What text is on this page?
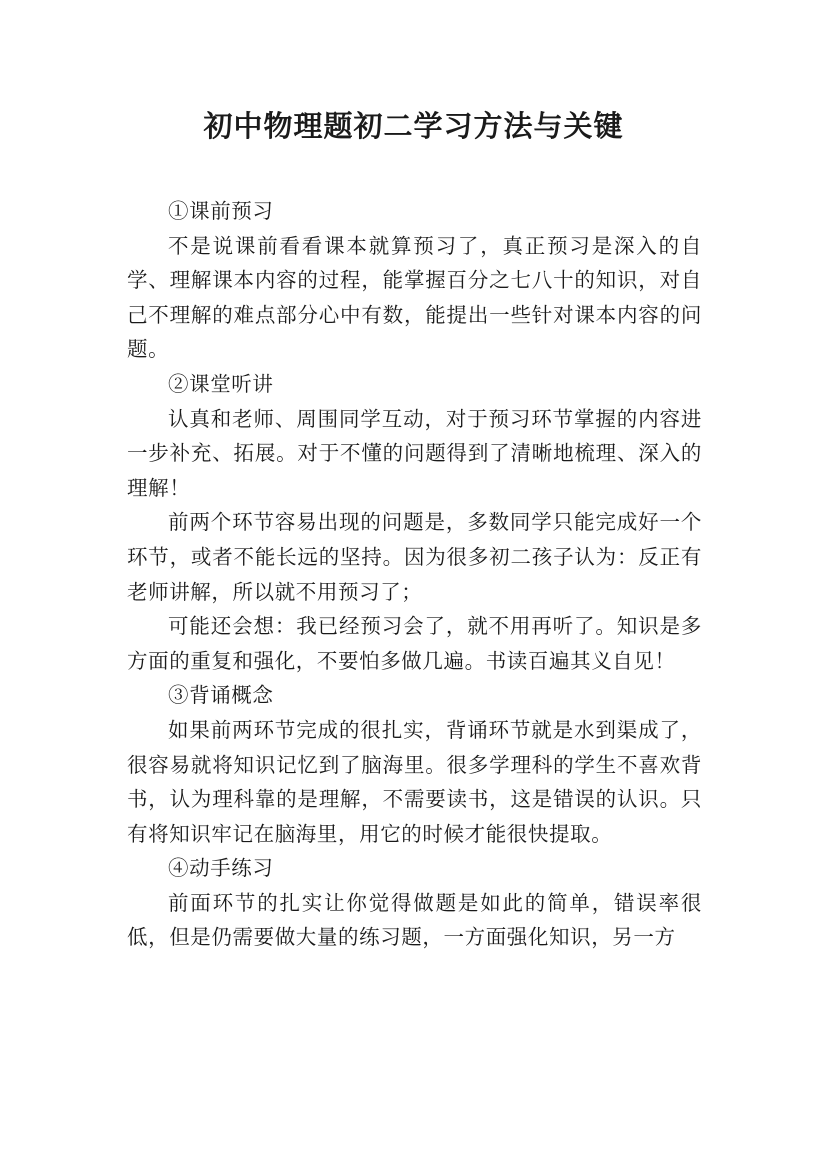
初中物理题初二学习方法与关键

①课前预习

不是说课前看看课本就算预习了，真正预习是深入的自学、理解课本内容的过程，能掌握百分之七八十的知识，对自己不理解的难点部分心中有数，能提出一些针对课本内容的问题。

②课堂听讲

认真和老师、周围同学互动，对于预习环节掌握的内容进一步补充、拓展。对于不懂的问题得到了清晰地梳理、深入的理解！

前两个环节容易出现的问题是，多数同学只能完成好一个环节，或者不能长远的坚持。因为很多初二孩子认为：反正有老师讲解，所以就不用预习了；

可能还会想：我已经预习会了，就不用再听了。知识是多方面的重复和强化，不要怕多做几遍。书读百遍其义自见！

③背诵概念

如果前两环节完成的很扎实，背诵环节就是水到渠成了，很容易就将知识记忆到了脑海里。很多学理科的学生不喜欢背书，认为理科靠的是理解，不需要读书，这是错误的认识。只有将知识牢记在脑海里，用它的时候才能很快提取。

④动手练习

前面环节的扎实让你觉得做题是如此的简单，错误率很低，但是仍需要做大量的练习题，一方面强化知识，另一方
